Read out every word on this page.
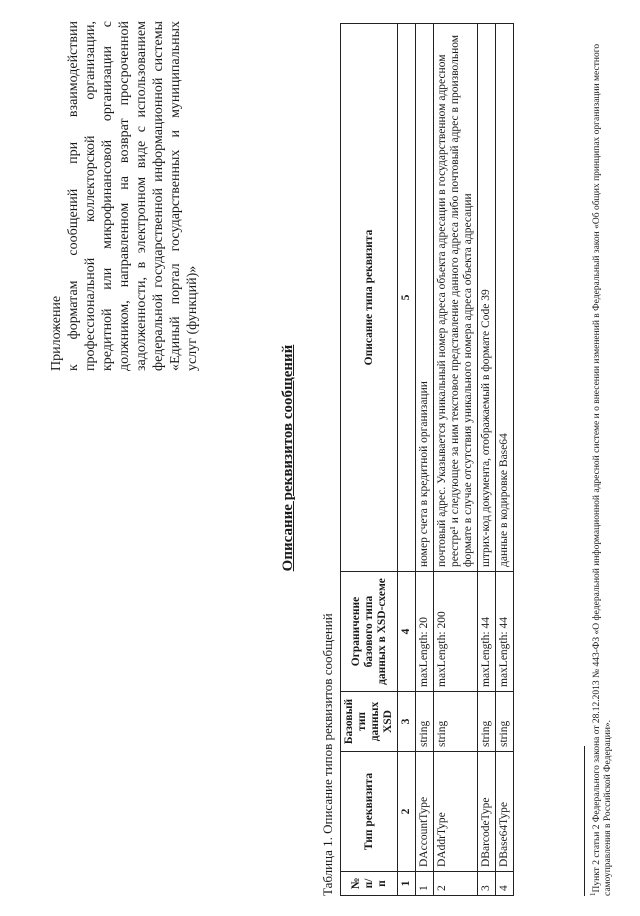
Приложение к форматам сообщений при взаимодействии профессиональной коллекторской организации, кредитной или микрофинансовой организации с должником, направленном на возврат просроченной задолженности, в электронном виде с использованием федеральной государственной информационной системы «Единый портал государственных и муниципальных услуг (функций)»

Таблица 1. Описание типов реквизитов сообщений № п/п	Тип реквизита	Базовый тип данных XSD	Ограничение базового типа данных в XSD-схеме	Описание типа реквизита
1	2	3	4	5
1	DAccountType	string	maxLength: 20	номер счета в кредитной организации
2	DAddrType	string	maxLength: 200	почтовый адрес. Указывается уникальный номер адреса объекта адресации в государственном адресном реестре¹ и следующее за ним текстовое представление данного адреса либо почтовый адрес в произвольном формате в случае отсутствия уникального номера адреса объекта адресации
3	DBarcodeType	string	maxLength: 44	штрих-код документа, отображаемый в формате Code 39
4	DBase64Type	string	maxLength: 44	данные в кодировке Base64
Описание реквизитов сообщений
$^1$Пункт 2 статьи 2 Федерального закона от 28.12.2013 № 443-ФЗ «О федеральной информационной адресной системе и о внесении изменений в Федеральный закон «Об общих принципах организации местного самоуправления в Российской Федерации».
